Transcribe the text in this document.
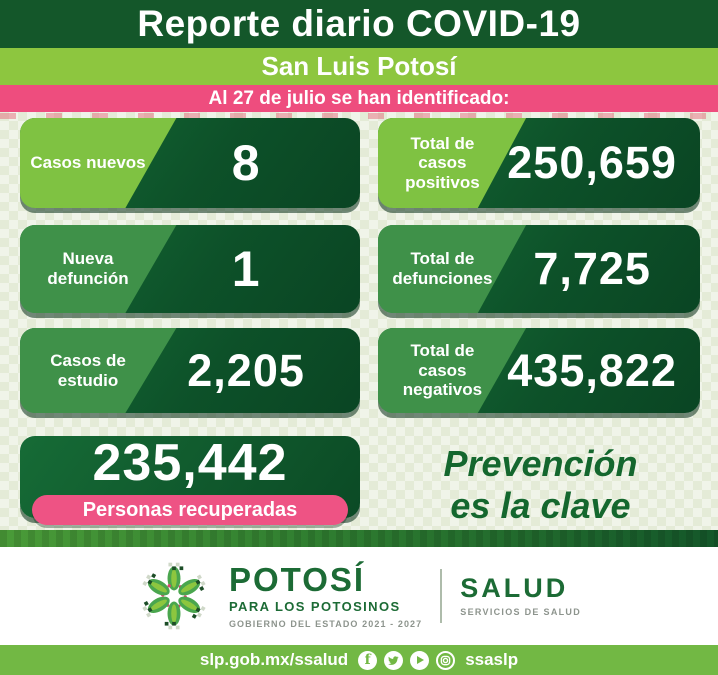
Reporte diario COVID-19
San Luis Potosí
Al 27 de julio se han identificado:
Casos nuevos	8	Total de casos positivos 250,659
Nueva defunción	1	Total de defunciones 7,725
Casos de estudio	2,205	Total de casos negativos 435,822
235,442
Personas recuperadas
Prevención
es la clave
POTOSÍ
PARA LOS POTOSINOS
GOBIERNO DEL ESTADO 2021 - 2027
SALUD
SERVICIOS DE SALUD
slp.gob.mx/ssalud f	ssaslp
